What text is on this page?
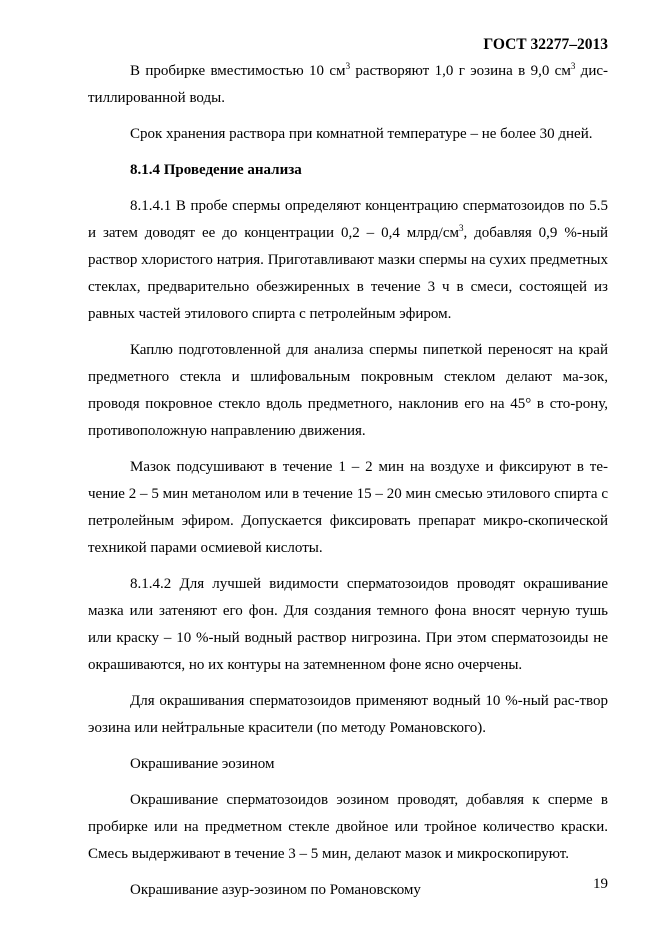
ГОСТ 32277–2013

В пробирке вместимостью 10 $см^3$ растворяют 1,0 г эозина в 9,0 $см^3$ дис-тиллированной воды.

Срок хранения раствора при комнатной температуре – не более 30 дней.

8.1.4 Проведение анализа

8.1.4.1 В пробе спермы определяют концентрацию сперматозоидов по 5.5 и затем доводят ее до концентрации 0,2 – 0,4 млрд/$см^3$, добавляя 0,9 %-ный раствор хлористого натрия. Приготавливают мазки спермы на сухих предметных стеклах, предварительно обезжиренных в течение 3 ч в смеси, состоящей из равных частей этилового спирта с петролейным эфиром.

Каплю подготовленной для анализа спермы пипеткой переносят на край предметного стекла и шлифовальным покровным стеклом делают ма-зок, проводя покровное стекло вдоль предметного, наклонив его на 45° в сто-рону, противоположную направлению движения.

Мазок подсушивают в течение 1 – 2 мин на воздухе и фиксируют в те-чение 2 – 5 мин метанолом или в течение 15 – 20 мин смесью этилового спирта с петролейным эфиром. Допускается фиксировать препарат микро-скопической техникой парами осмиевой кислоты.

8.1.4.2 Для лучшей видимости сперматозоидов проводят окрашивание мазка или затеняют его фон. Для создания темного фона вносят черную тушь или краску – 10 %-ный водный раствор нигрозина. При этом сперматозоиды не окрашиваются, но их контуры на затемненном фоне ясно очерчены.

Для окрашивания сперматозоидов применяют водный 10 %-ный рас-твор эозина или нейтральные красители (по методу Романовского).

Окрашивание эозином

Окрашивание сперматозоидов эозином проводят, добавляя к сперме в пробирке или на предметном стекле двойное или тройное количество краски. Смесь выдерживают в течение 3 – 5 мин, делают мазок и микроскопируют.

Окрашивание азур-эозином по Романовскому	19
